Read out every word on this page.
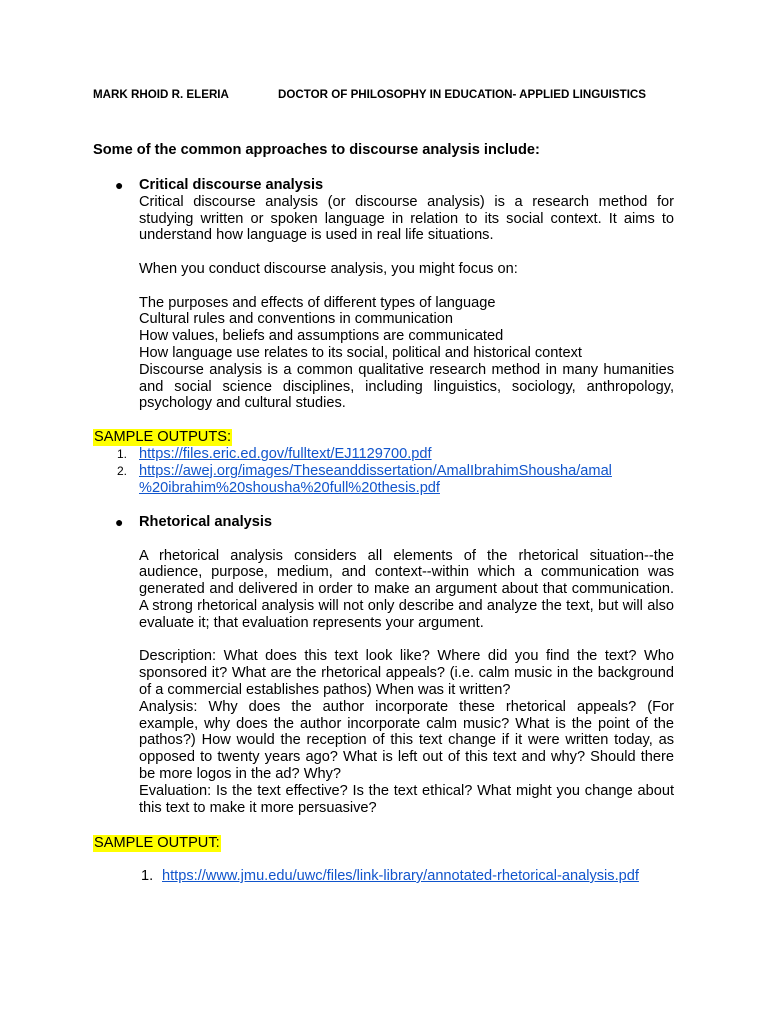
MARK RHOID R. ELERIA	DOCTOR OF PHILOSOPHY IN EDUCATION- APPLIED LINGUISTICS

Some of the common approaches to discourse analysis include:

● Critical discourse analysis

Critical discourse analysis (or discourse analysis) is a research method for studying written or spoken language in relation to its social context. It aims to understand how language is used in real life situations.

When you conduct discourse analysis, you might focus on:

The purposes and effects of different types of language

Cultural rules and conventions in communication

How values, beliefs and assumptions are communicated

How language use relates to its social, political and historical context

Discourse analysis is a common qualitative research method in many humanities and social science disciplines, including linguistics, sociology, anthropology, psychology and cultural studies.

SAMPLE OUTPUTS:
1. https://files.eric.ed.gov/fulltext/EJ1129700.pdf
2. https://awej.org/images/Theseanddissertation/AmalIbrahimShousha/amal
%20ibrahim%20shousha%20full%20thesis.pdf
● Rhetorical analysis

A rhetorical analysis considers all elements of the rhetorical situation--the audience, purpose, medium, and context--within which a communication was generated and delivered in order to make an argument about that communication. A strong rhetorical analysis will not only describe and analyze the text, but will also evaluate it; that evaluation represents your argument.

Description: What does this text look like? Where did you find the text? Who sponsored it? What are the rhetorical appeals? (i.e. calm music in the background of a commercial establishes pathos) When was it written?

Analysis: Why does the author incorporate these rhetorical appeals? (For example, why does the author incorporate calm music? What is the point of the pathos?) How would the reception of this text change if it were written today, as opposed to twenty years ago? What is left out of this text and why? Should there be more logos in the ad? Why?

Evaluation: Is the text effective? Is the text ethical? What might you change about this text to make it more persuasive?

SAMPLE OUTPUT:
1. https://www.jmu.edu/uwc/files/link-library/annotated-rhetorical-analysis.pdf
